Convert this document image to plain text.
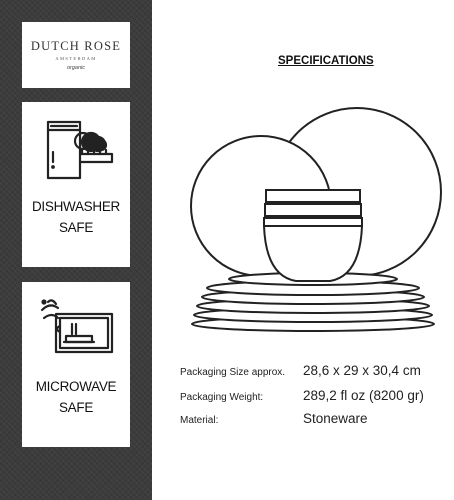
DUTCH ROSE
AMSTERDAM
organic
DISHWASHER
SAFE
MICROWAVE
SAFE
SPECIFICATIONS
Packaging Size approx. 28,6 x 29 x 30,4 cm
Packaging Weight:	289,2 fl oz (8200 gr)
Material:	Stoneware
